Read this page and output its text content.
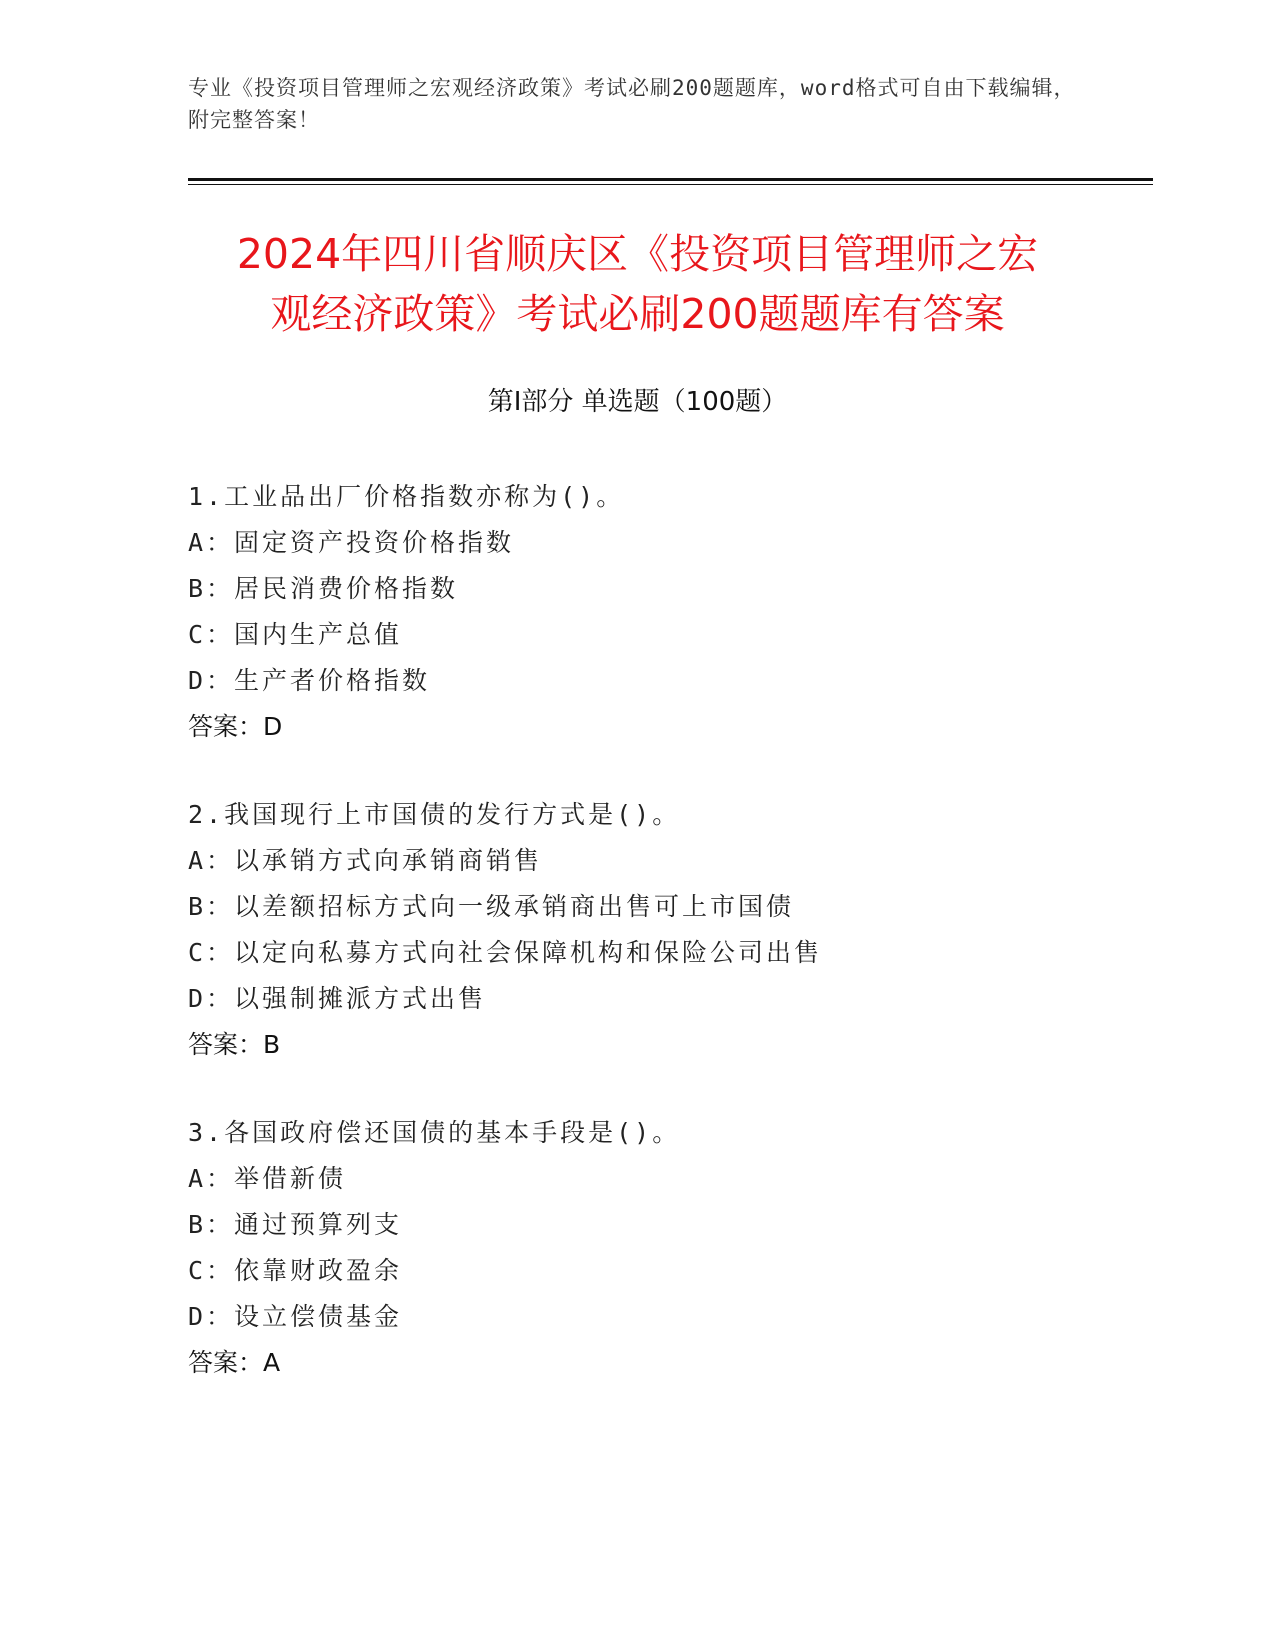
专业《投资项目管理师之宏观经济政策》考试必刷200题题库，word格式可自由下载编辑，附完整答案！
2024年四川省顺庆区《投资项目管理师之宏
观经济政策》考试必刷200题题库有答案
第Ⅰ部分 单选题（100题）
1.工业品出厂价格指数亦称为()。
A：固定资产投资价格指数
B：居民消费价格指数
C：国内生产总值
D：生产者价格指数
答案：D
2.我国现行上市国债的发行方式是()。
A：以承销方式向承销商销售
B：以差额招标方式向一级承销商出售可上市国债
C：以定向私募方式向社会保障机构和保险公司出售
D：以强制摊派方式出售
答案：B
3.各国政府偿还国债的基本手段是()。
A：举借新债
B：通过预算列支
C：依靠财政盈余
D：设立偿债基金
答案：A
